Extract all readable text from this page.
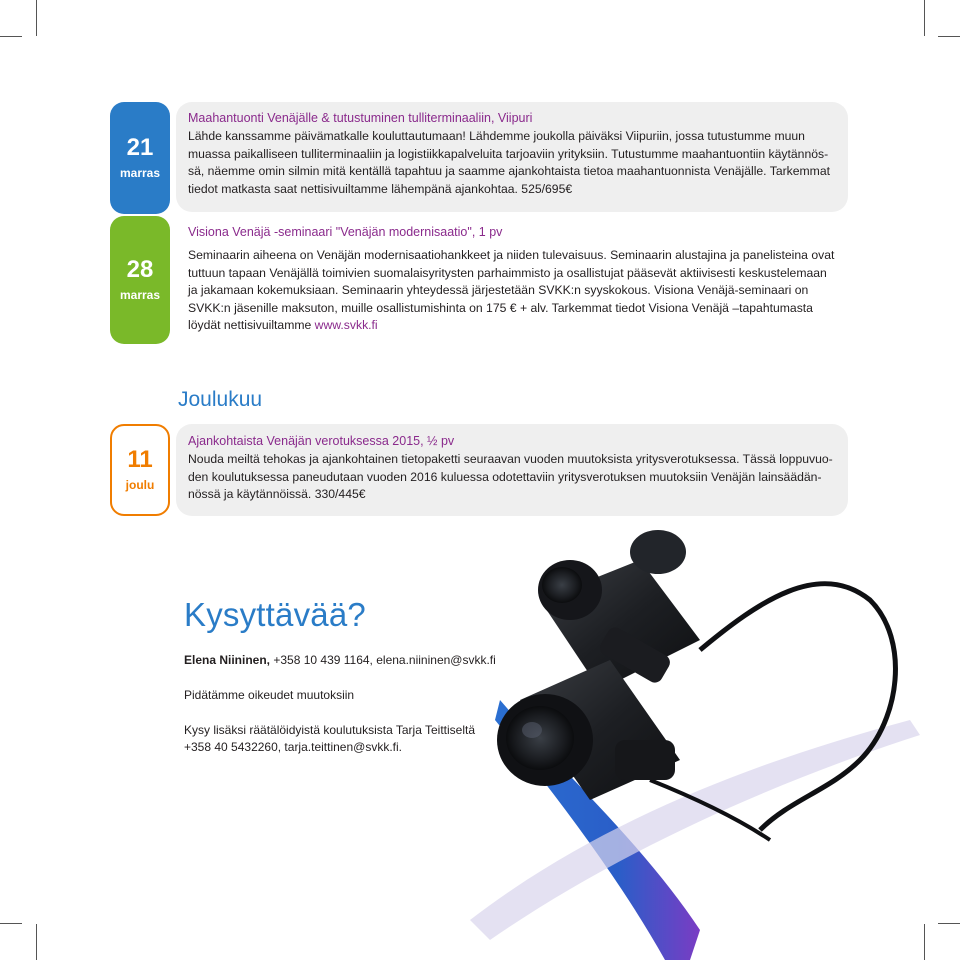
21
marras

Maahantuonti Venäjälle & tutustuminen tulliterminaaliin, Viipuri

Lähde kanssamme päivämatkalle kouluttautumaan! Lähdemme joukolla päiväksi Viipuriin, jossa tutustumme muun muassa paikalliseen tulliterminaaliin ja logistiikkapalveluita tarjoaviin yrityksiin. Tutustumme maahantuontiin käytännössä, näemme omin silmin mitä kentällä tapahtuu ja saamme ajankohtaista tietoa maahantuonnista Venäjälle. Tarkemmat tiedot matkasta saat nettisivuiltamme lähempänä ajankohtaa. 525/695€

28
marras

Visiona Venäjä -seminaari "Venäjän modernisaatio", 1 pv

Seminaarin aiheena on Venäjän modernisaatiohankkeet ja niiden tulevaisuus. Seminaarin alustajina ja panelisteina ovat tuttuun tapaan Venäjällä toimivien suomalaisyritysten parhaimmisto ja osallistujat pääsevät aktiivisesti keskustelemaan ja jakamaan kokemuksiaan. Seminaarin yhteydessä järjestetään SVKK:n syyskokous. Visiona Venäjä-seminaari on SVKK:n jäsenille maksuton, muille osallistumishinta on 175 € + alv. Tarkemmat tiedot Visiona Venäjä –tapahtumasta löydät nettisivuiltamme www.svkk.fi

Joulukuu
11
joulu

Ajankohtaista Venäjän verotuksessa 2015, ½ pv

Nouda meiltä tehokas ja ajankohtainen tietopaketti seuraavan vuoden muutoksista yritysverotuksessa. Tässä loppuvuoden koulutuksessa paneudutaan vuoden 2016 kuluessa odotettaviin yritysverotuksen muutoksiin Venäjän lainsäädännössä ja käytännöissä. 330/445€

Kysyttävää?

Elena Niininen, +358 10 439 1164, elena.niininen@svkk.fi

Pidätämme oikeudet muutoksiin

Kysy lisäksi räätälöidyistä koulutuksista Tarja Teittiseltä
+358 40 5432260, tarja.teittinen@svkk.fi.
